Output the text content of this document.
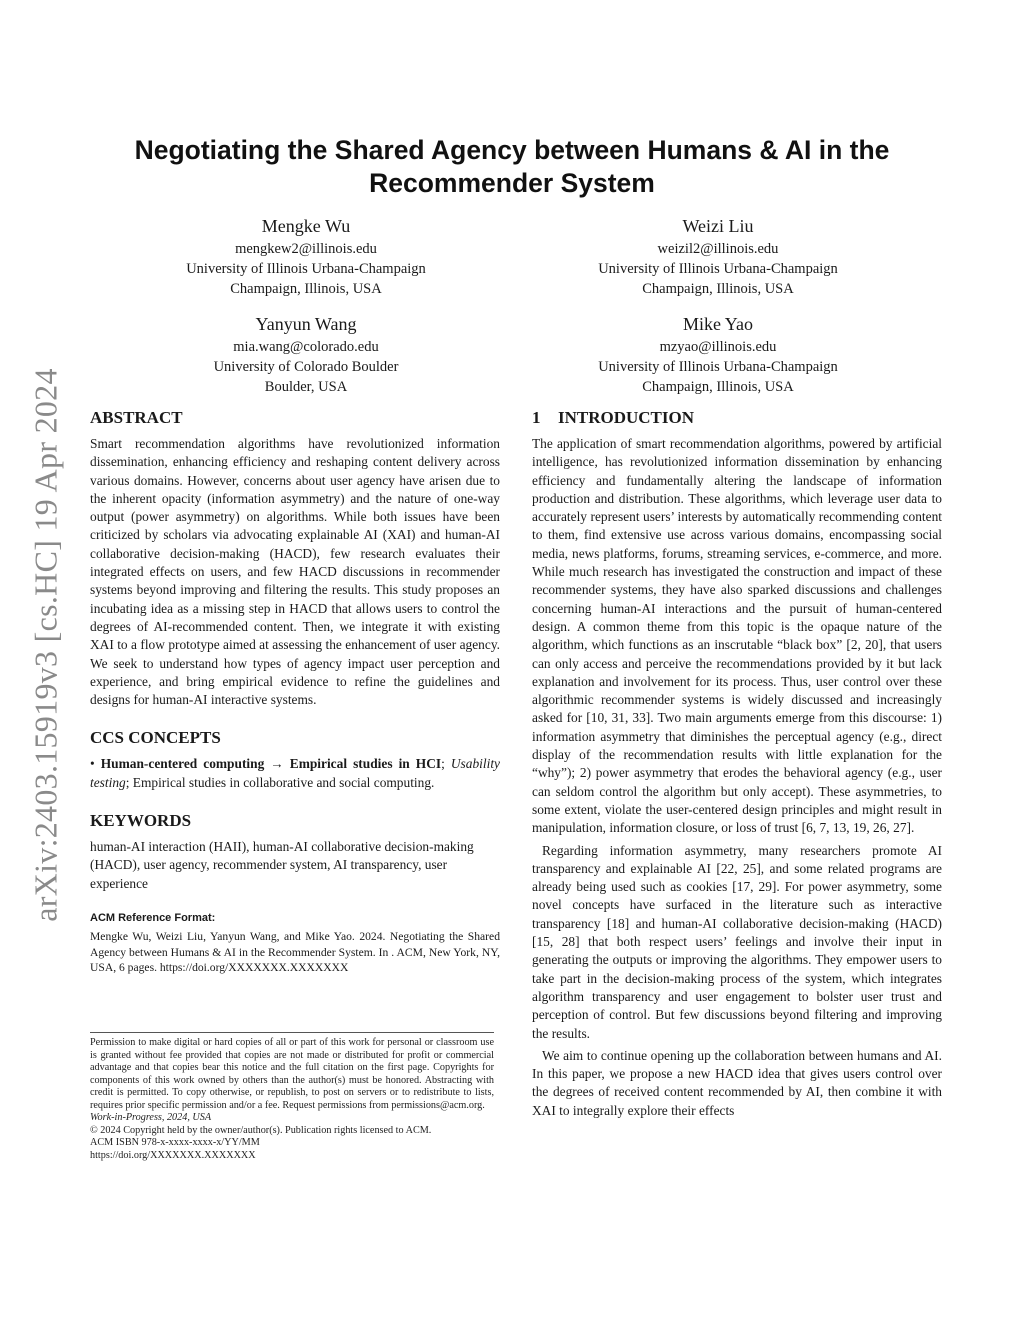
arXiv:2403.15919v3 [cs.HC] 19 Apr 2024
Negotiating the Shared Agency between Humans & AI in the Recommender System
Mengke Wu
mengkew2@illinois.edu
University of Illinois Urbana-Champaign
Champaign, Illinois, USA
Weizi Liu
weizil2@illinois.edu
University of Illinois Urbana-Champaign
Champaign, Illinois, USA
Yanyun Wang
mia.wang@colorado.edu
University of Colorado Boulder
Boulder, USA
Mike Yao
mzyao@illinois.edu
University of Illinois Urbana-Champaign
Champaign, Illinois, USA
ABSTRACT

Smart recommendation algorithms have revolutionized information dissemination, enhancing efficiency and reshaping content delivery across various domains. However, concerns about user agency have arisen due to the inherent opacity (information asymmetry) and the nature of one-way output (power asymmetry) on algorithms. While both issues have been criticized by scholars via advocating explainable AI (XAI) and human-AI collaborative decision-making (HACD), few research evaluates their integrated effects on users, and few HACD discussions in recommender systems beyond improving and filtering the results. This study proposes an incubating idea as a missing step in HACD that allows users to control the degrees of AI-recommended content. Then, we integrate it with existing XAI to a flow prototype aimed at assessing the enhancement of user agency. We seek to understand how types of agency impact user perception and experience, and bring empirical evidence to refine the guidelines and designs for human-AI interactive systems.

CCS CONCEPTS

• Human-centered computing → Empirical studies in HCI; Usability testing; Empirical studies in collaborative and social computing.

KEYWORDS

human-AI interaction (HAII), human-AI collaborative decision-making (HACD), user agency, recommender system, AI transparency, user experience

ACM Reference Format:

Mengke Wu, Weizi Liu, Yanyun Wang, and Mike Yao. 2024. Negotiating the Shared Agency between Humans & AI in the Recommender System. In . ACM, New York, NY, USA, 6 pages. https://doi.org/XXXXXXX.XXXXXXX

Permission to make digital or hard copies of all or part of this work for personal or classroom use is granted without fee provided that copies are not made or distributed for profit or commercial advantage and that copies bear this notice and the full citation on the first page. Copyrights for components of this work owned by others than the author(s) must be honored. Abstracting with credit is permitted. To copy otherwise, or republish, to post on servers or to redistribute to lists, requires prior specific permission and/or a fee. Request permissions from permissions@acm.org.

Work-in-Progress, 2024, USA

© 2024 Copyright held by the owner/author(s). Publication rights licensed to ACM.

ACM ISBN 978-x-xxxx-xxxx-x/YY/MM

https://doi.org/XXXXXXX.XXXXXXX

1 INTRODUCTION

The application of smart recommendation algorithms, powered by artificial intelligence, has revolutionized information dissemination by enhancing efficiency and fundamentally altering the landscape of information production and distribution. These algorithms, which leverage user data to accurately represent users’ interests by automatically recommending content to them, find extensive use across various domains, encompassing social media, news platforms, forums, streaming services, e-commerce, and more. While much research has investigated the construction and impact of these recommender systems, they have also sparked discussions and challenges concerning human-AI interactions and the pursuit of human-centered design. A common theme from this topic is the opaque nature of the algorithm, which functions as an inscrutable “black box” [2, 20], that users can only access and perceive the recommendations provided by it but lack explanation and involvement for its process. Thus, user control over these algorithmic recommender systems is widely discussed and increasingly asked for [10, 31, 33]. Two main arguments emerge from this discourse: 1) information asymmetry that diminishes the perceptual agency (e.g., direct display of the recommendation results with little explanation for the “why”); 2) power asymmetry that erodes the behavioral agency (e.g., user can seldom control the algorithm but only accept). These asymmetries, to some extent, violate the user-centered design principles and might result in manipulation, information closure, or loss of trust [6, 7, 13, 19, 26, 27].

Regarding information asymmetry, many researchers promote AI transparency and explainable AI [22, 25], and some related programs are already being used such as cookies [17, 29]. For power asymmetry, some novel concepts have surfaced in the literature such as interactive transparency [18] and human-AI collaborative decision-making (HACD) [15, 28] that both respect users’ feelings and involve their input in generating the outputs or improving the algorithms. They empower users to take part in the decision-making process of the system, which integrates algorithm transparency and user engagement to bolster user trust and perception of control. But few discussions beyond filtering and improving the results.

We aim to continue opening up the collaboration between humans and AI. In this paper, we propose a new HACD idea that gives users control over the degrees of received content recommended by AI, then combine it with XAI to integrally explore their effects
